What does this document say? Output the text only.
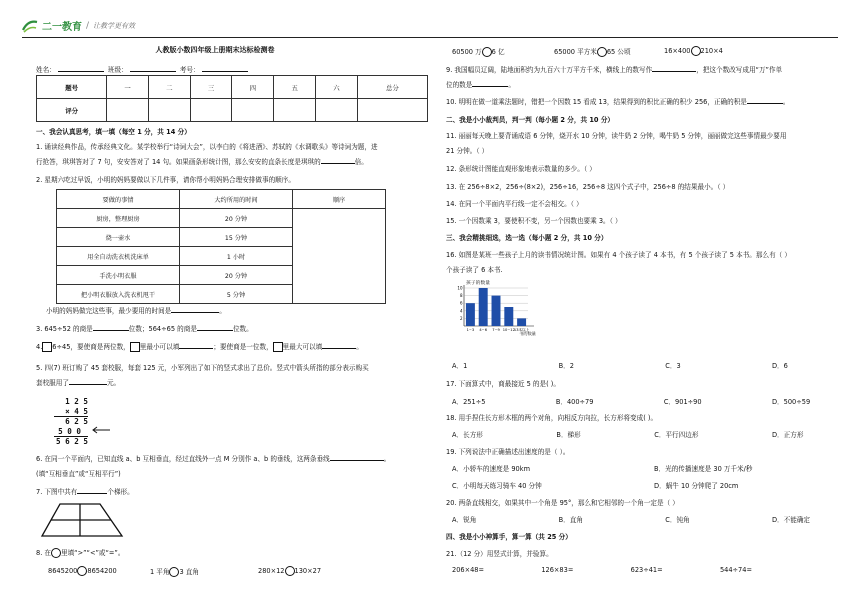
二一教育 / 让教学更有效
人教版小数四年级上册期末达标检测卷
姓名：	班级：	考号：
题号	一	二	三	四	五	六	总分
评分							
一、我会认真思考，填一填（每空 1 分，共 14 分）
1. 诵读经典作品，传承经典文化。某学校举行“诗词大会”，以李白的《将进酒》、苏轼的《水调歌头》等诗词为题，进
行抢答，琪琪答对了 7 句，安安答对了 14 句。如果画条形统计图，那么安安的直条长度是琪琪的	倍。
2. 星期六吃过早饭，小明的妈妈要做以下几件事，请你帮小明妈妈合理安排做事的顺序。
要做的事情	大约所用的时间	顺序
厨房，整理厨房	20 分钟	
烧一壶水	15 分钟	
用全自动洗衣机洗床单	1 小时	
手洗小明衣服	20 分钟	
把小明衣服放入洗衣机甩干	5 分钟	
小明的妈妈做完这些事，最少要用的时间是	。
3. 645÷52 的商是	位数；564÷65 的商是	位数。
4. 6÷45，要使商是两位数， 里最小可以填	；要使商是一位数， 里最大可以填	。
5. 四(7) 班订购了 45 套校服，每套 125 元，小军列出了如下的竖式求出了总价。竖式中箭头所指的部分表示购买
套校服用了	元。
1 2 5
× 4 5
6 2 5
5 0 0
5 6 2 5
6. 在同一个平面内，已知直线 a、b 互相垂直，经过直线外一点 M 分别作 a、b 的垂线，这两条垂线	。
(填“互相垂直”或“互相平行”)
7. 下图中共有	个梯形。
8. 在 里填“>”“<”或“=”。
8645200 8654200	1 平角 3 直角	280×12 130×27
60500 万 6 亿	65000 平方米 65 公顷	16×400 210×4
9. 我国幅员辽阔，陆地面积约为九百六十万平方千米，横线上的数写作	，把这个数改写成用“万”作单
位的数是	。
10. 明明在做一道乘法题时，错把一个因数 15 看成 13，结果得到的积比正确的积少 256，正确的积是	。
二、我是小小裁判员，判一判（每小题 2 分，共 10 分）
11. 丽丽每天晚上要背诵成语 6 分钟，烧开水 10 分钟，读牛奶 2 分钟，喝牛奶 5 分钟，丽丽做完这些事情最少要用
21 分钟。（ ）
12. 条形统计图能直观形象地表示数量的多少。（ ）
13. 在 256÷8×2，256÷(8×2)，256÷16，256÷8 这四个式子中，256÷8 的结果最小。（ ）
14. 在同一个平面内平行线一定不会相交。（ ）
15. 一个因数乘 3，要使积不变，另一个因数也要乘 3。（ ）
三、我会精挑细选，选一选（每小题 2 分，共 10 分）
16. 如图是某班一些孩子上月的读书情况统计图。如果有 4 个孩子读了 4 本书，有 5 个孩子读了 5 本书。那么有（ ）
个孩子读了 6 本书.
孩子的数量
2
4
6
8
10
1~3 4~6 7~9 10~12 13本以上
书的数量
A．1	B．2	C．3	D．6
17. 下面算式中，商最接近 5 的是( )。
A．251÷5	B．400÷79	C．901÷90	D．500÷59
18. 用手捏住长方形木框的两个对角，向相反方向拉，长方形将变成( )。
A．长方形	B．梯形	C．平行四边形	D．正方形
19. 下列说法中正确描述出速度的是（ ）。
A．小轿车的速度是 90km	B．光的传播速度是 30 万千米/秒
C．小明每天练习骑车 40 分钟	D．蜗牛 10 分钟爬了 20cm
20. 两条直线相交，如果其中一个角是 95°，那么和它相邻的一个角一定是（ ）
A．锐角	B．直角	C．钝角	D．不能确定
四、我是小小神算手，算一算（共 25 分）
21.（12 分）用竖式计算，并验算。
206×48=	126×83=	623÷41=	544÷74=
